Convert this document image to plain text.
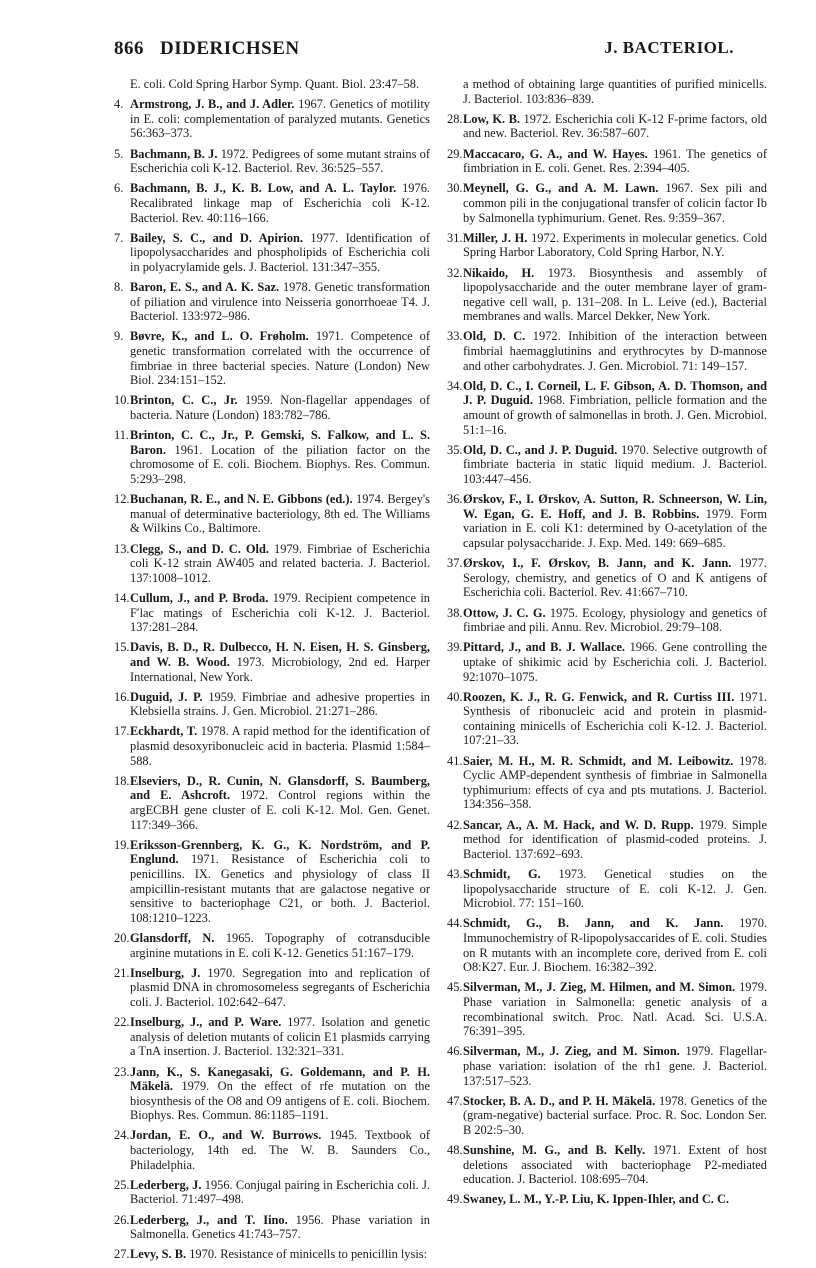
866 DIDERICHSEN	J. BACTERIOL.

E. coli. Cold Spring Harbor Symp. Quant. Biol. 23:47–58.

4. Armstrong, J. B., and J. Adler. 1967. Genetics of motility in E. coli: complementation of paralyzed mutants. Genetics 56:363–373.

5. Bachmann, B. J. 1972. Pedigrees of some mutant strains of Escherichia coli K-12. Bacteriol. Rev. 36:525–557.

6. Bachmann, B. J., K. B. Low, and A. L. Taylor. 1976. Recalibrated linkage map of Escherichia coli K-12. Bacteriol. Rev. 40:116–166.

7. Bailey, S. C., and D. Apirion. 1977. Identification of lipopolysaccharides and phospholipids of Escherichia coli in polyacrylamide gels. J. Bacteriol. 131:347–355.

8. Baron, E. S., and A. K. Saz. 1978. Genetic transformation of piliation and virulence into Neisseria gonorrhoeae T4. J. Bacteriol. 133:972–986.

9. Bøvre, K., and L. O. Frøholm. 1971. Competence of genetic transformation correlated with the occurrence of fimbriae in three bacterial species. Nature (London) New Biol. 234:151–152.

10.Brinton, C. C., Jr. 1959. Non-flagellar appendages of bacteria. Nature (London) 183:782–786.

11.Brinton, C. C., Jr., P. Gemski, S. Falkow, and L. S. Baron. 1961. Location of the piliation factor on the chromosome of E. coli. Biochem. Biophys. Res. Commun. 5:293–298.

12.Buchanan, R. E., and N. E. Gibbons (ed.). 1974. Bergey's manual of determinative bacteriology, 8th ed. The Williams & Wilkins Co., Baltimore.

13.Clegg, S., and D. C. Old. 1979. Fimbriae of Escherichia coli K-12 strain AW405 and related bacteria. J. Bacteriol. 137:1008–1012.

14.Cullum, J., and P. Broda. 1979. Recipient competence in F′lac matings of Escherichia coli K-12. J. Bacteriol. 137:281–284.

15.Davis, B. D., R. Dulbecco, H. N. Eisen, H. S. Ginsberg, and W. B. Wood. 1973. Microbiology, 2nd ed. Harper International, New York.

16.Duguid, J. P. 1959. Fimbriae and adhesive properties in Klebsiella strains. J. Gen. Microbiol. 21:271–286.

17.Eckhardt, T. 1978. A rapid method for the identification of plasmid desoxyribonucleic acid in bacteria. Plasmid 1:584–588.

18.Elseviers, D., R. Cunin, N. Glansdorff, S. Baumberg, and E. Ashcroft. 1972. Control regions within the argECBH gene cluster of E. coli K-12. Mol. Gen. Genet. 117:349–366.

19.Eriksson-Grennberg, K. G., K. Nordström, and P. Englund. 1971. Resistance of Escherichia coli to penicillins. IX. Genetics and physiology of class II ampicillin-resistant mutants that are galactose negative or sensitive to bacteriophage C21, or both. J. Bacteriol. 108:1210–1223.

20.Glansdorff, N. 1965. Topography of cotransducible arginine mutations in E. coli K-12. Genetics 51:167–179.

21.Inselburg, J. 1970. Segregation into and replication of plasmid DNA in chromosomeless segregants of Escherichia coli. J. Bacteriol. 102:642–647.

22.Inselburg, J., and P. Ware. 1977. Isolation and genetic analysis of deletion mutants of colicin E1 plasmids carrying a TnA insertion. J. Bacteriol. 132:321–331.

23.Jann, K., S. Kanegasaki, G. Goldemann, and P. H. Mäkelä. 1979. On the effect of rfe mutation on the biosynthesis of the O8 and O9 antigens of E. coli. Biochem. Biophys. Res. Commun. 86:1185–1191.

24.Jordan, E. O., and W. Burrows. 1945. Textbook of bacteriology, 14th ed. The W. B. Saunders Co., Philadelphia.

25.Lederberg, J. 1956. Conjugal pairing in Escherichia coli. J. Bacteriol. 71:497–498.

26.Lederberg, J., and T. Iino. 1956. Phase variation in Salmonella. Genetics 41:743–757.

27.Levy, S. B. 1970. Resistance of minicells to penicillin lysis:

a method of obtaining large quantities of purified minicells. J. Bacteriol. 103:836–839.

28.Low, K. B. 1972. Escherichia coli K-12 F-prime factors, old and new. Bacteriol. Rev. 36:587–607.

29.Maccacaro, G. A., and W. Hayes. 1961. The genetics of fimbriation in E. coli. Genet. Res. 2:394–405.

30.Meynell, G. G., and A. M. Lawn. 1967. Sex pili and common pili in the conjugational transfer of colicin factor Ib by Salmonella typhimurium. Genet. Res. 9:359–367.

31.Miller, J. H. 1972. Experiments in molecular genetics. Cold Spring Harbor Laboratory, Cold Spring Harbor, N.Y.

32.Nikaido, H. 1973. Biosynthesis and assembly of lipopolysaccharide and the outer membrane layer of gram-negative cell wall, p. 131–208. In L. Leive (ed.), Bacterial membranes and walls. Marcel Dekker, New York.

33.Old, D. C. 1972. Inhibition of the interaction between fimbrial haemagglutinins and erythrocytes by D-mannose and other carbohydrates. J. Gen. Microbiol. 71: 149–157.

34.Old, D. C., I. Corneil, L. F. Gibson, A. D. Thomson, and J. P. Duguid. 1968. Fimbriation, pellicle formation and the amount of growth of salmonellas in broth. J. Gen. Microbiol. 51:1–16.

35.Old, D. C., and J. P. Duguid. 1970. Selective outgrowth of fimbriate bacteria in static liquid medium. J. Bacteriol. 103:447–456.

36.Ørskov, F., I. Ørskov, A. Sutton, R. Schneerson, W. Lin, W. Egan, G. E. Hoff, and J. B. Robbins. 1979. Form variation in E. coli K1: determined by O-acetylation of the capsular polysaccharide. J. Exp. Med. 149: 669–685.

37.Ørskov, I., F. Ørskov, B. Jann, and K. Jann. 1977. Serology, chemistry, and genetics of O and K antigens of Escherichia coli. Bacteriol. Rev. 41:667–710.

38.Ottow, J. C. G. 1975. Ecology, physiology and genetics of fimbriae and pili. Annu. Rev. Microbiol. 29:79–108.

39.Pittard, J., and B. J. Wallace. 1966. Gene controlling the uptake of shikimic acid by Escherichia coli. J. Bacteriol. 92:1070–1075.

40.Roozen, K. J., R. G. Fenwick, and R. Curtiss III. 1971. Synthesis of ribonucleic acid and protein in plasmid-containing minicells of Escherichia coli K-12. J. Bacteriol. 107:21–33.

41.Saier, M. H., M. R. Schmidt, and M. Leibowitz. 1978. Cyclic AMP-dependent synthesis of fimbriae in Salmonella typhimurium: effects of cya and pts mutations. J. Bacteriol. 134:356–358.

42.Sancar, A., A. M. Hack, and W. D. Rupp. 1979. Simple method for identification of plasmid-coded proteins. J. Bacteriol. 137:692–693.

43.Schmidt, G. 1973. Genetical studies on the lipopolysaccharide structure of E. coli K-12. J. Gen. Microbiol. 77: 151–160.

44.Schmidt, G., B. Jann, and K. Jann. 1970. Immunochemistry of R-lipopolysaccarides of E. coli. Studies on R mutants with an incomplete core, derived from E. coli O8:K27. Eur. J. Biochem. 16:382–392.

45.Silverman, M., J. Zieg, M. Hilmen, and M. Simon. 1979. Phase variation in Salmonella: genetic analysis of a recombinational switch. Proc. Natl. Acad. Sci. U.S.A. 76:391–395.

46.Silverman, M., J. Zieg, and M. Simon. 1979. Flagellar-phase variation: isolation of the rh1 gene. J. Bacteriol. 137:517–523.

47.Stocker, B. A. D., and P. H. Mäkelä. 1978. Genetics of the (gram-negative) bacterial surface. Proc. R. Soc. London Ser. B 202:5–30.

48.Sunshine, M. G., and B. Kelly. 1971. Extent of host deletions associated with bacteriophage P2-mediated education. J. Bacteriol. 108:695–704.

49.Swaney, L. M., Y.-P. Liu, K. Ippen-Ihler, and C. C.
